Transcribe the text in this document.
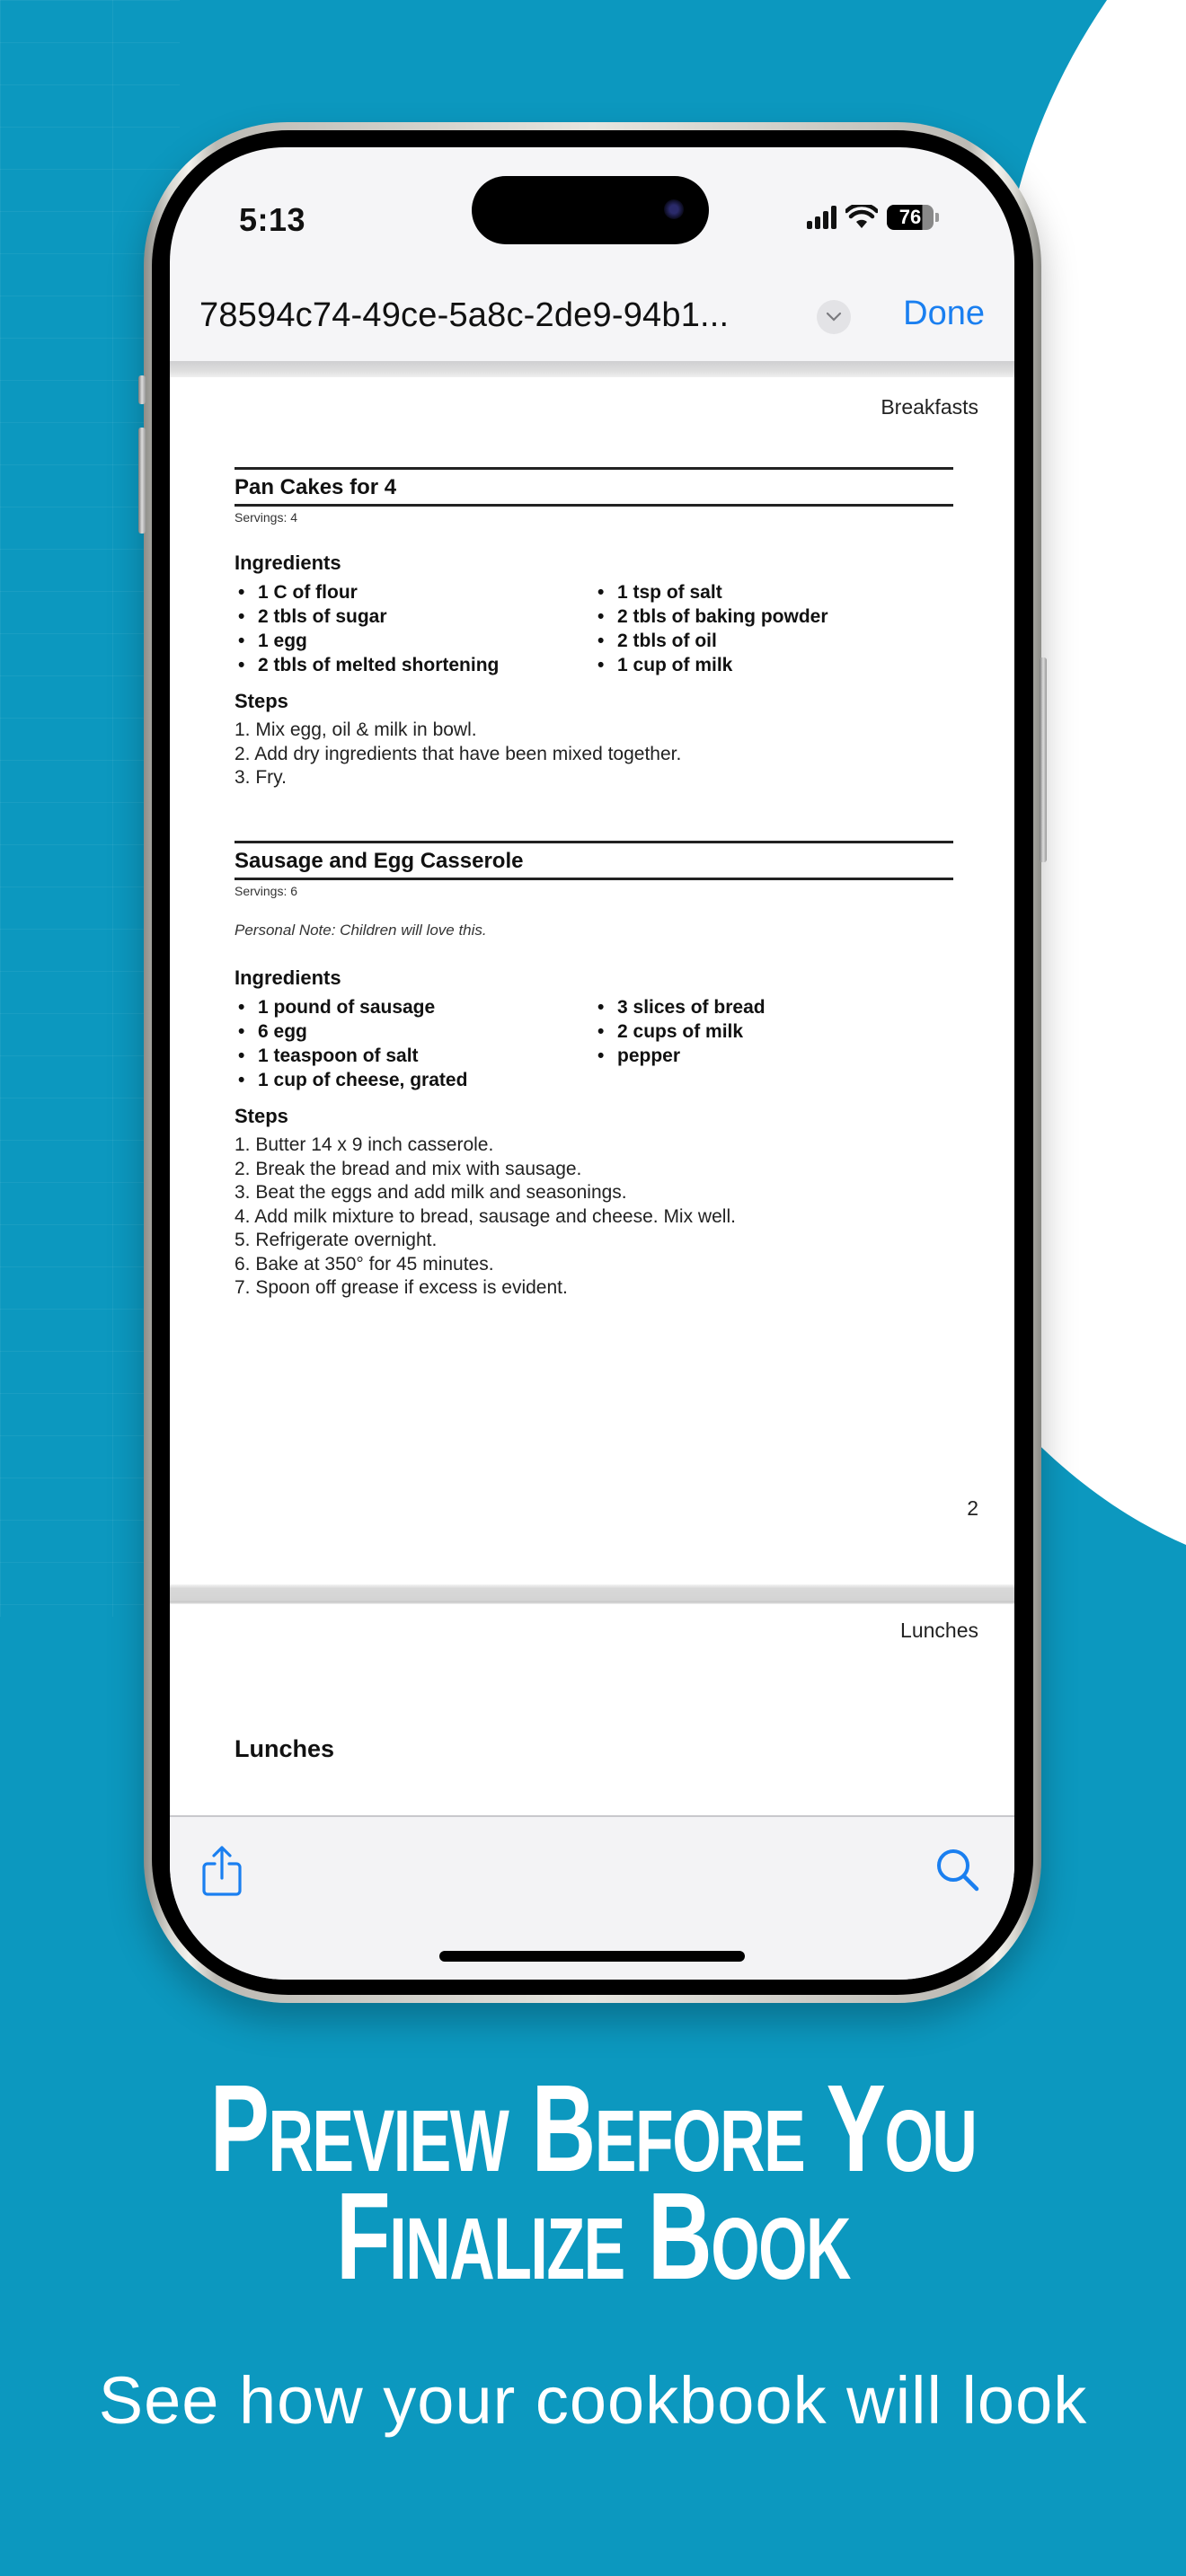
5:13	76
78594c74-49ce-5a8c-2de9-94b1...	Done
Breakfasts
Pan Cakes for 4
Servings: 4
Ingredients
• 1 C of flour
• 2 tbls of sugar
• 1 egg
• 2 tbls of melted shortening
• 1 tsp of salt
• 2 tbls of baking powder
• 2 tbls of oil
• 1 cup of milk
Steps
1. Mix egg, oil & milk in bowl.
2. Add dry ingredients that have been mixed together.
3. Fry.
Sausage and Egg Casserole
Servings: 6
Personal Note: Children will love this.
Ingredients
• 1 pound of sausage
• 6 egg
• 1 teaspoon of salt
• 1 cup of cheese, grated
• 3 slices of bread
• 2 cups of milk
• pepper
Steps
1. Butter 14 x 9 inch casserole.
2. Break the bread and mix with sausage.
3. Beat the eggs and add milk and seasonings.
4. Add milk mixture to bread, sausage and cheese. Mix well.
5. Refrigerate overnight.
6. Bake at 350° for 45 minutes.
7. Spoon off grease if excess is evident.
2
Lunches
Lunches
Preview Before You
Finalize Book
See how your cookbook will look
